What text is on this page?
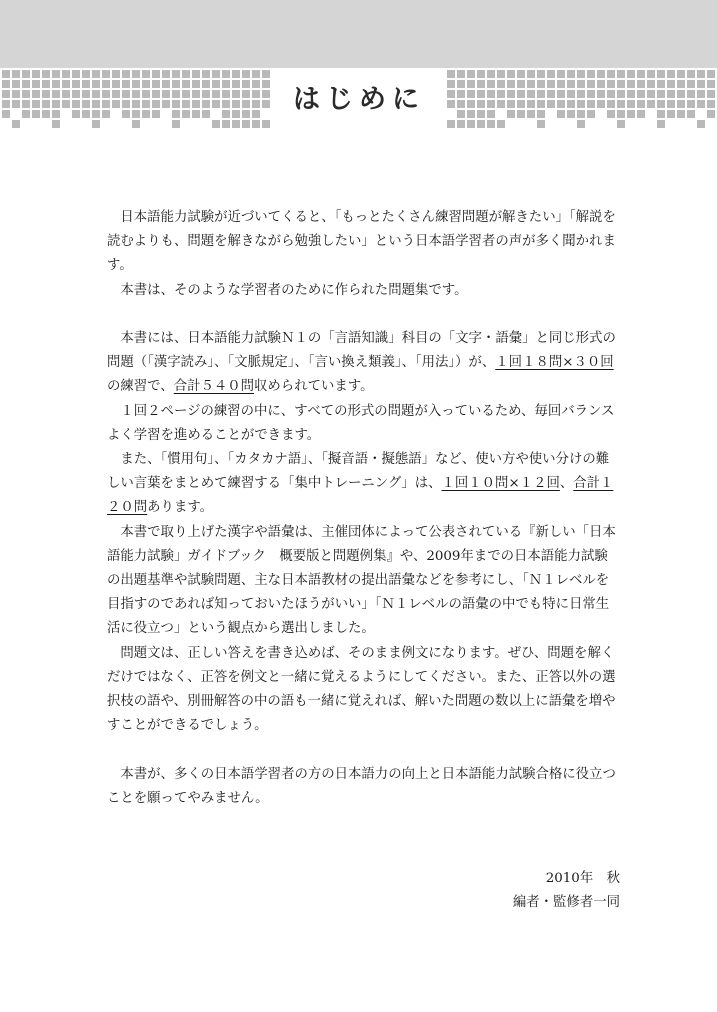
はじめに

　日本語能力試験が近づいてくると、「もっとたくさん練習問題が解きたい」「解説を読むよりも、問題を解きながら勉強したい」という日本語学習者の声が多く聞かれます。

　本書は、そのような学習者のために作られた問題集です。

　本書には、日本語能力試験Ｎ１の「言語知識」科目の「文字・語彙」と同じ形式の問題（「漢字読み」、「文脈規定」、「言い換え類義」、「用法」）が、１回１８問×３０回の練習で、合計５４０問収められています。

　１回２ページの練習の中に、すべての形式の問題が入っているため、毎回バランスよく学習を進めることができます。

　また、「慣用句」、「カタカナ語」、「擬音語・擬態語」など、使い方や使い分けの難しい言葉をまとめて練習する「集中トレーニング」は、１回１０問×１２回、合計１２０問あります。

　本書で取り上げた漢字や語彙は、主催団体によって公表されている『新しい「日本語能力試験」ガイドブック　概要版と問題例集』や、2009年までの日本語能力試験の出題基準や試験問題、主な日本語教材の提出語彙などを参考にし、「Ｎ１レベルを目指すのであれば知っておいたほうがいい」「Ｎ１レベルの語彙の中でも特に日常生活に役立つ」という観点から選出しました。

　問題文は、正しい答えを書き込めば、そのまま例文になります。ぜひ、問題を解くだけではなく、正答を例文と一緒に覚えるようにしてください。また、正答以外の選択枝の語や、別冊解答の中の語も一緒に覚えれば、解いた問題の数以上に語彙を増やすことができるでしょう。

　本書が、多くの日本語学習者の方の日本語力の向上と日本語能力試験合格に役立つことを願ってやみません。

2010年　秋
編者・監修者一同
